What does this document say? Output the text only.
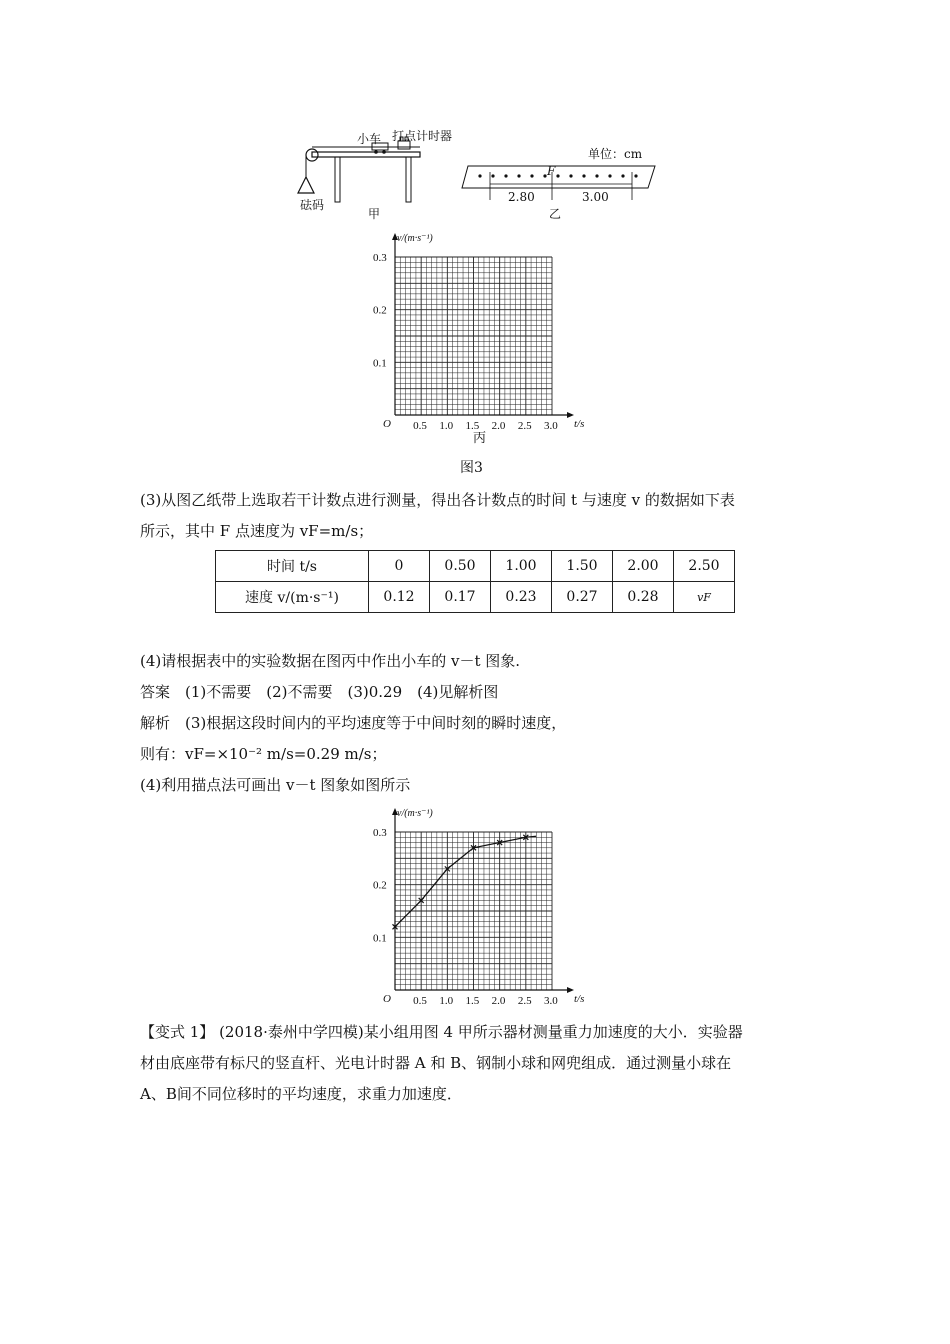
小车 打点计时器
砝码
甲
单位：cm
F
2.80	3.00
乙
v/(m·s⁻¹)
t/s
O
0.1
0.2
0.3
0.5 1.0 1.5 2.0 2.5 3.0
丙
图3
(3)从图乙纸带上选取若干计数点进行测量，得出各计数点的时间 t 与速度 v 的数据如下表
所示，其中 F 点速度为 vF=m/s；
时间 t/s	0	0.50	1.00	1.50	2.00	2.50
速度 v/(m·s⁻¹)	0.12	0.17	0.23	0.27	0.28	vF
(4)请根据表中的实验数据在图丙中作出小车的 v－t 图象.
答案　(1)不需要　(2)不需要　(3)0.29　(4)见解析图
解析　(3)根据这段时间内的平均速度等于中间时刻的瞬时速度，
则有：vF=×10⁻² m/s=0.29 m/s；
(4)利用描点法可画出 v－t 图象如图所示
v/(m·s⁻¹)
t/s
O
0.1
0.2
0.3
0.5 1.0 1.5 2.0 2.5 3.0
【变式 1】 (2018·泰州中学四模)某小组用图 4 甲所示器材测量重力加速度的大小．实验器
材由底座带有标尺的竖直杆、光电计时器 A 和 B、钢制小球和网兜组成．通过测量小球在
A、B间不同位移时的平均速度，求重力加速度．
